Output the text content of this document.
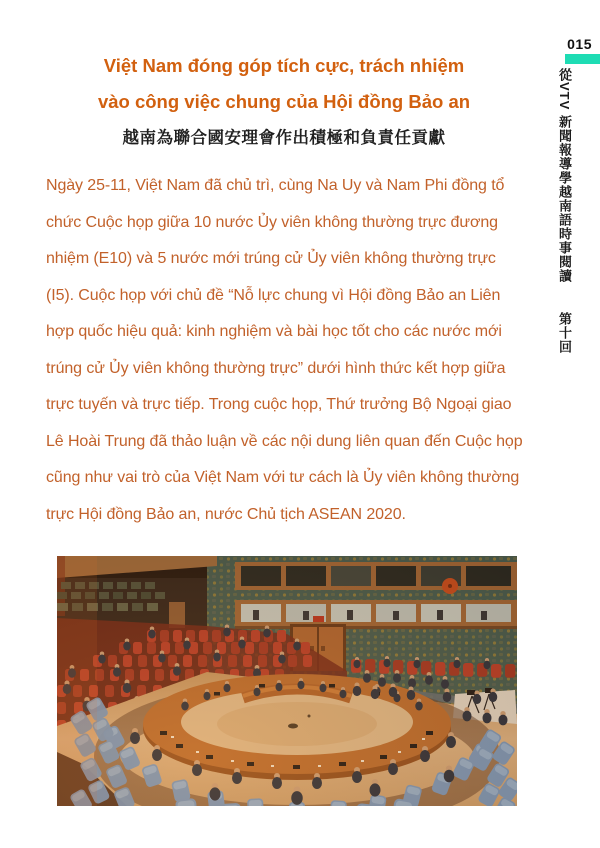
015
從VTV 新聞報導學越南語時事閱讀 第十回
Việt Nam đóng góp tích cực, trách nhiệm
vào công việc chung của Hội đồng Bảo an
越南為聯合國安理會作出積極和負責任貢獻
Ngày 25-11, Việt Nam đã chủ trì, cùng Na Uy và Nam Phi đồng tổ
chức Cuộc họp giữa 10 nước Ủy viên không thường trực đương
nhiệm (E10) và 5 nước mới trúng cử Ủy viên không thường trực
(I5). Cuộc họp với chủ đề “Nỗ lực chung vì Hội đồng Bảo an Liên
hợp quốc hiệu quả: kinh nghiệm và bài học tốt cho các nước mới
trúng cử Ủy viên không thường trực” dưới hình thức kết hợp giữa
trực tuyến và trực tiếp. Trong cuộc họp, Thứ trưởng Bộ Ngoại giao
Lê Hoài Trung đã thảo luận về các nội dung liên quan đến Cuộc họp
cũng như vai trò của Việt Nam với tư cách là Ủy viên không thường
trực Hội đồng Bảo an, nước Chủ tịch ASEAN 2020.
